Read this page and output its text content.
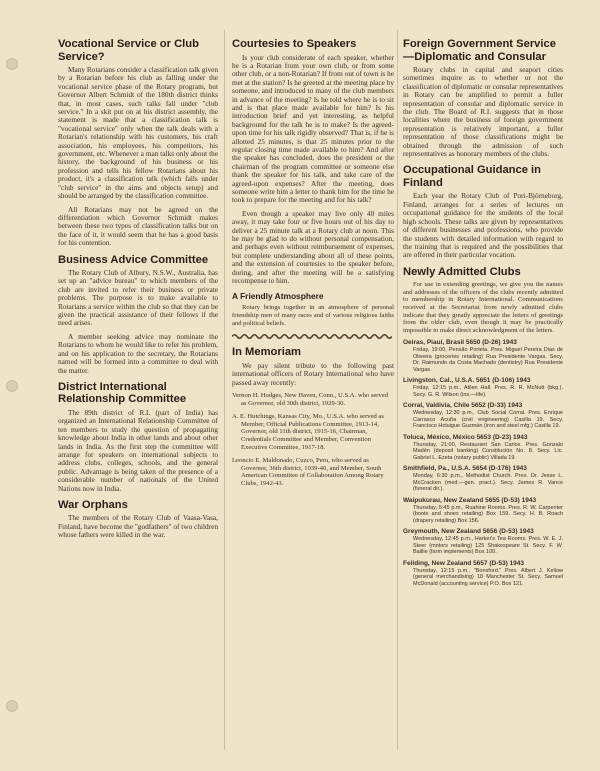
Vocational Service or Club Service?

Many Rotarians consider a classification talk given by a Rotarian before his club as falling under the vocational service phase of the Rotary program, but Governor Albert Schmidt of the 180th district thinks that, in most cases, such talks fall under "club service." In a skit put on at his district assembly, the statement is made that a classification talk is "vocational service" only when the talk deals with a Rotarian's relationship with his customers, his craft association, his employees, his competitors, his government, etc. Whenever a man talks only about the history, the background of his business or his profession and tells his fellow Rotarians about his product, it's a classification talk (which falls under "club service" in the aims and objects setup) and should be arranged by the classification committee.

All Rotarians may not be agreed on the differentiation which Governor Schmidt makes between these two types of classification talks but on the face of it, it would seem that he has a good basis for his contention.

Business Advice Committee

The Rotary Club of Albury, N.S.W., Australia, has set up an "advice bureau" to which members of the club are invited to refer their business or private problems. The purpose is to make available to Rotarians a service within the club so that they can be given the practical assistance of their fellows if the need arises.

A member seeking advice may nominate the Rotarians to whom he would like to refer his problem, and on his application to the secretary, the Rotarians named will be formed into a committee to deal with the matter.

District International Relationship Committee

The 89th district of R.I. (part of India) has organized an International Relationship Committee of ten members to study the question of propagating knowledge about India in other lands and about other lands in India. As the first step the committee will arrange for speakers on international subjects to address clubs, colleges, schools, and the general public. Advantage is being taken of the presence of a considerable number of nationals of the United Nations now in India.

War Orphans

The members of the Rotary Club of Vaasa-Vasa, Finland, have become the "godfathers" of two children whose fathers were killed in the war.

Courtesies to Speakers

Is your club considerate of each speaker, whether he is a Rotarian from your own club, or from some other club, or a non-Rotarian? If from out of town is he met at the station? Is he greeted at the meeting place by someone, and introduced to many of the club members in advance of the meeting? Is he told where he is to sit and is that place made available for him? Is his introduction brief and yet interesting, as helpful background for the talk he is to make? Is the agreed-upon time for his talk rigidly observed? That is, if he is allotted 25 minutes, is that 25 minutes prior to the regular closing time made available to him? And after the speaker has concluded, does the president or the chairman of the program committee or someone else thank the speaker for his talk, and take care of the agreed-upon expenses? After the meeting, does someone write him a letter to thank him for the time he took to prepare for the meeting and for his talk?

Even though a speaker may live only 40 miles away, it may take four or five hours out of his day to deliver a 25 minute talk at a Rotary club at noon. This he may be glad to do without personal compensation, and perhaps even without reimbursement of expenses, but complete understanding about all of these points, and the extension of courtesies to the speaker before, during, and after the meeting will be a satisfying recompense to him.

A Friendly Atmosphere

Rotary brings together in an atmosphere of personal friendship men of many races and of various religious faiths and political beliefs.

In Memoriam

We pay silent tribute to the following past international officers of Rotary International who have passed away recently:

Vernon H. Hodges, New Haven, Conn., U.S.A. who served as Governor, old 30th district, 1929-30.

A. E. Hutchings, Kansas City, Mo., U.S.A. who served as Member, Official Publications Committee, 1913-14, Governor, old 11th district, 1915-16, Chairman, Credentials Committee and Member, Convention Executive Committee, 1917-18.

Leoncio E. Maldonado, Cuzco, Peru, who served as Governor, 36th district, 1939-40, and Member, South American Committee of Collaboration Among Rotary Clubs, 1942-43.

Foreign Government Service—Diplomatic and Consular

Rotary clubs in capital and seaport cities sometimes inquire as to whether or not the classification of diplomatic or consular representatives in Rotary can be amplified to permit a fuller representation of consular and diplomatic service in the club. The Board of R.I. suggests that in those localities where the business of foreign government representation is relatively important, a fuller representation of those classifications might be obtained through the admission of such representatives as honorary members of the clubs.

Occupational Guidance in Finland

Each year the Rotary Club of Pori-Björneborg, Finland, arranges for a series of lectures on occupational guidance for the students of the local high schools. These talks are given by representatives of different businesses and professions, who provide the students with detailed information with regard to the training that is required and the possibilities that are offered in their particular vocation.

Newly Admitted Clubs

For use in extending greetings, we give you the names and addresses of the officers of the clubs recently admitted to membership in Rotary International. Communications received at the Secretariat from newly admitted clubs indicate that they greatly appreciate the letters of greetings from the older club, even though it may be practically impossible to make direct acknowledgment of the letters.

Oeiras, Piauí, Brasil 5650 (D-26) 1943
Friday, 19:00, Pensão Portela. Pres. Miguel Pereira Dias de Oliveira (groceries retailing) Rua Presidente Vargas. Secy. Dr. Raimundo da Costa Machado (dentistry) Rua Presidente Vargas.
Livingston, Cal., U.S.A. 5651 (D-106) 1943
Friday, 12:15 p.m., Atilen Hall. Pres. R. R. McNutt (bkg.). Secy. G. R. Wilson (ins.—life).
Corral, Valdivia, Chile 5652 (D-33) 1943
Wednesday, 12:30 p.m., Club Social Corral. Pres. Enrique Carrasco Acuña (civil engineering) Casilla 19. Secy. Francisco Holuigue Guzmán (iron and steel mfg.) Casilla 19.
Toluca, México, México 5653 (D-23) 1943
Thursday, 21:00, Restaurant San Carlos. Pres. Gonzalo Madén (deposit banking) Constitución No. 8. Secy. Lic. Gabriel L. Ezeta (notary public) Villada 19.
Smithfield, Pa., U.S.A. 5654 (D-176) 1943
Monday, 6:30 p.m., Methodist Church. Pres. Dr. Jesse L. McCracken (med.—gen. pract.). Secy. James R. Vance (funeral dir.).
Waipukurau, New Zealand 5655 (D-53) 1943
Thursday, 5:45 p.m., Ruahine Rooms. Pres. R. W. Carpenter (boots and shoes retailing) Box 159. Secy. H. B. Roach (drapery retailing) Box 156.
Greymouth, New Zealand 5656 (D-53) 1943
Wednesday, 12:45 p.m., Harker's Tea Rooms. Pres. W. E. J. Steer (motors retailing) 125 Shakespeare St. Secy. F. W. Baillie (farm implements) Box 100.
Feilding, New Zealand 5657 (D-53) 1943
Thursday, 12:15 p.m., "Bonsford." Pres. Albert J. Kellow (general merchandising) 18 Manchester St. Secy. Samuel McDonald (accounting service) P.O. Box 121.
